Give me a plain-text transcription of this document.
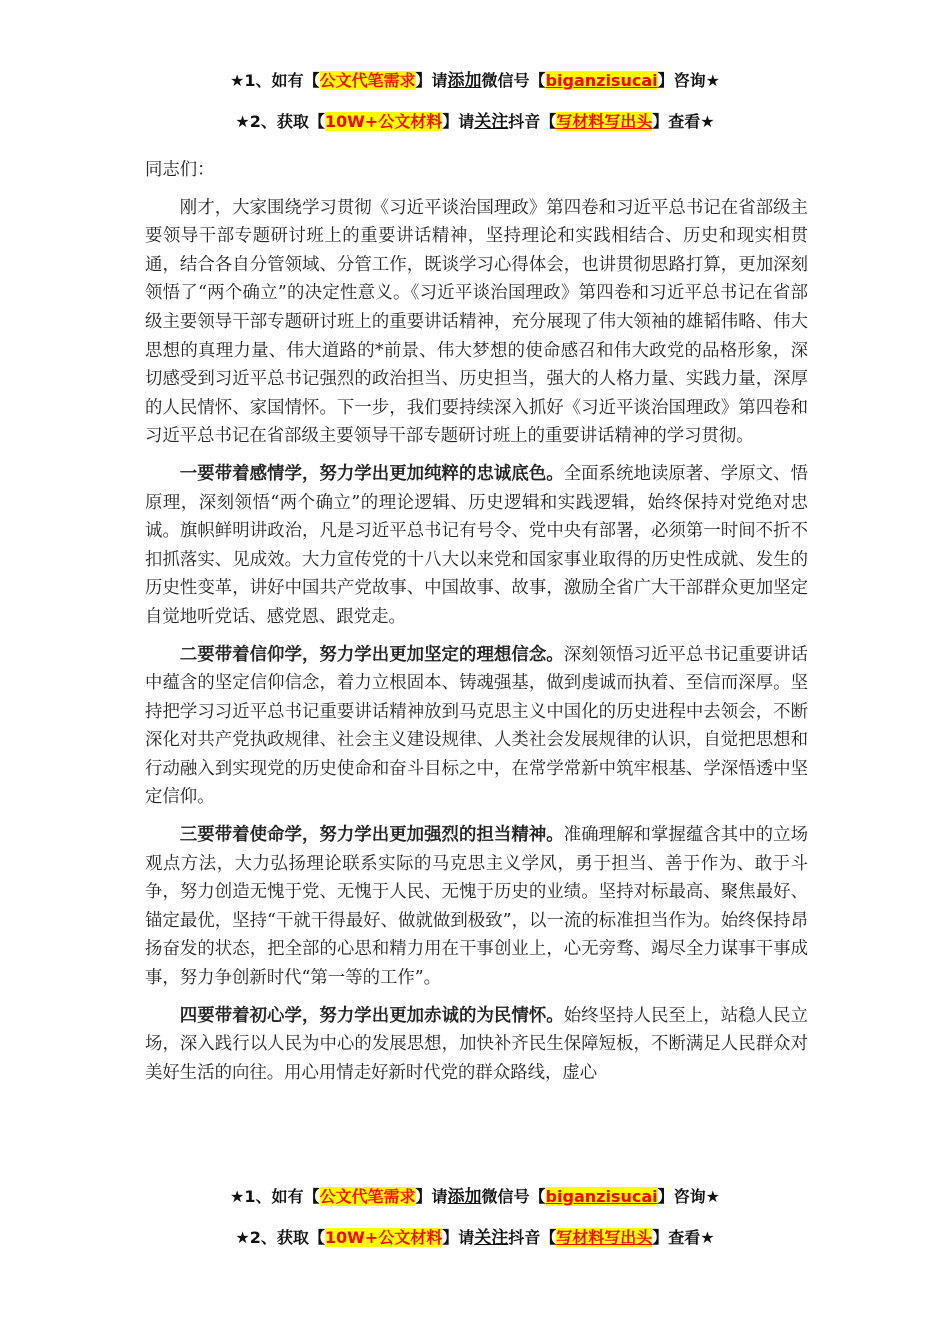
★1、如有【公文代笔需求】请添加微信号【biganzisucai】咨询★
★2、获取【10W+公文材料】请关注抖音【写材料写出头】查看★

同志们：

刚才，大家围绕学习贯彻《习近平谈治国理政》第四卷和习近平总书记在省部级主要领导干部专题研讨班上的重要讲话精神，坚持理论和实践相结合、历史和现实相贯通，结合各自分管领域、分管工作，既谈学习心得体会，也讲贯彻思路打算，更加深刻领悟了“两个确立”的决定性意义。《习近平谈治国理政》第四卷和习近平总书记在省部级主要领导干部专题研讨班上的重要讲话精神，充分展现了伟大领袖的雄韬伟略、伟大思想的真理力量、伟大道路的*前景、伟大梦想的使命感召和伟大政党的品格形象，深切感受到习近平总书记强烈的政治担当、历史担当，强大的人格力量、实践力量，深厚的人民情怀、家国情怀。下一步，我们要持续深入抓好《习近平谈治国理政》第四卷和习近平总书记在省部级主要领导干部专题研讨班上的重要讲话精神的学习贯彻。

一要带着感情学，努力学出更加纯粹的忠诚底色。全面系统地读原著、学原文、悟原理，深刻领悟“两个确立”的理论逻辑、历史逻辑和实践逻辑，始终保持对党绝对忠诚。旗帜鲜明讲政治，凡是习近平总书记有号令、党中央有部署，必须第一时间不折不扣抓落实、见成效。大力宣传党的十八大以来党和国家事业取得的历史性成就、发生的历史性变革，讲好中国共产党故事、中国故事、故事，激励全省广大干部群众更加坚定自觉地听党话、感党恩、跟党走。

二要带着信仰学，努力学出更加坚定的理想信念。深刻领悟习近平总书记重要讲话中蕴含的坚定信仰信念，着力立根固本、铸魂强基，做到虔诚而执着、至信而深厚。坚持把学习习近平总书记重要讲话精神放到马克思主义中国化的历史进程中去领会，不断深化对共产党执政规律、社会主义建设规律、人类社会发展规律的认识，自觉把思想和行动融入到实现党的历史使命和奋斗目标之中，在常学常新中筑牢根基、学深悟透中坚定信仰。

三要带着使命学，努力学出更加强烈的担当精神。准确理解和掌握蕴含其中的立场观点方法，大力弘扬理论联系实际的马克思主义学风，勇于担当、善于作为、敢于斗争，努力创造无愧于党、无愧于人民、无愧于历史的业绩。坚持对标最高、聚焦最好、锚定最优，坚持“干就干得最好、做就做到极致”，以一流的标准担当作为。始终保持昂扬奋发的状态，把全部的心思和精力用在干事创业上，心无旁骛、竭尽全力谋事干事成事，努力争创新时代“第一等的工作”。

四要带着初心学，努力学出更加赤诚的为民情怀。始终坚持人民至上，站稳人民立场，深入践行以人民为中心的发展思想，加快补齐民生保障短板，不断满足人民群众对美好生活的向往。用心用情走好新时代党的群众路线，虚心

★1、如有【公文代笔需求】请添加微信号【biganzisucai】咨询★
★2、获取【10W+公文材料】请关注抖音【写材料写出头】查看★
